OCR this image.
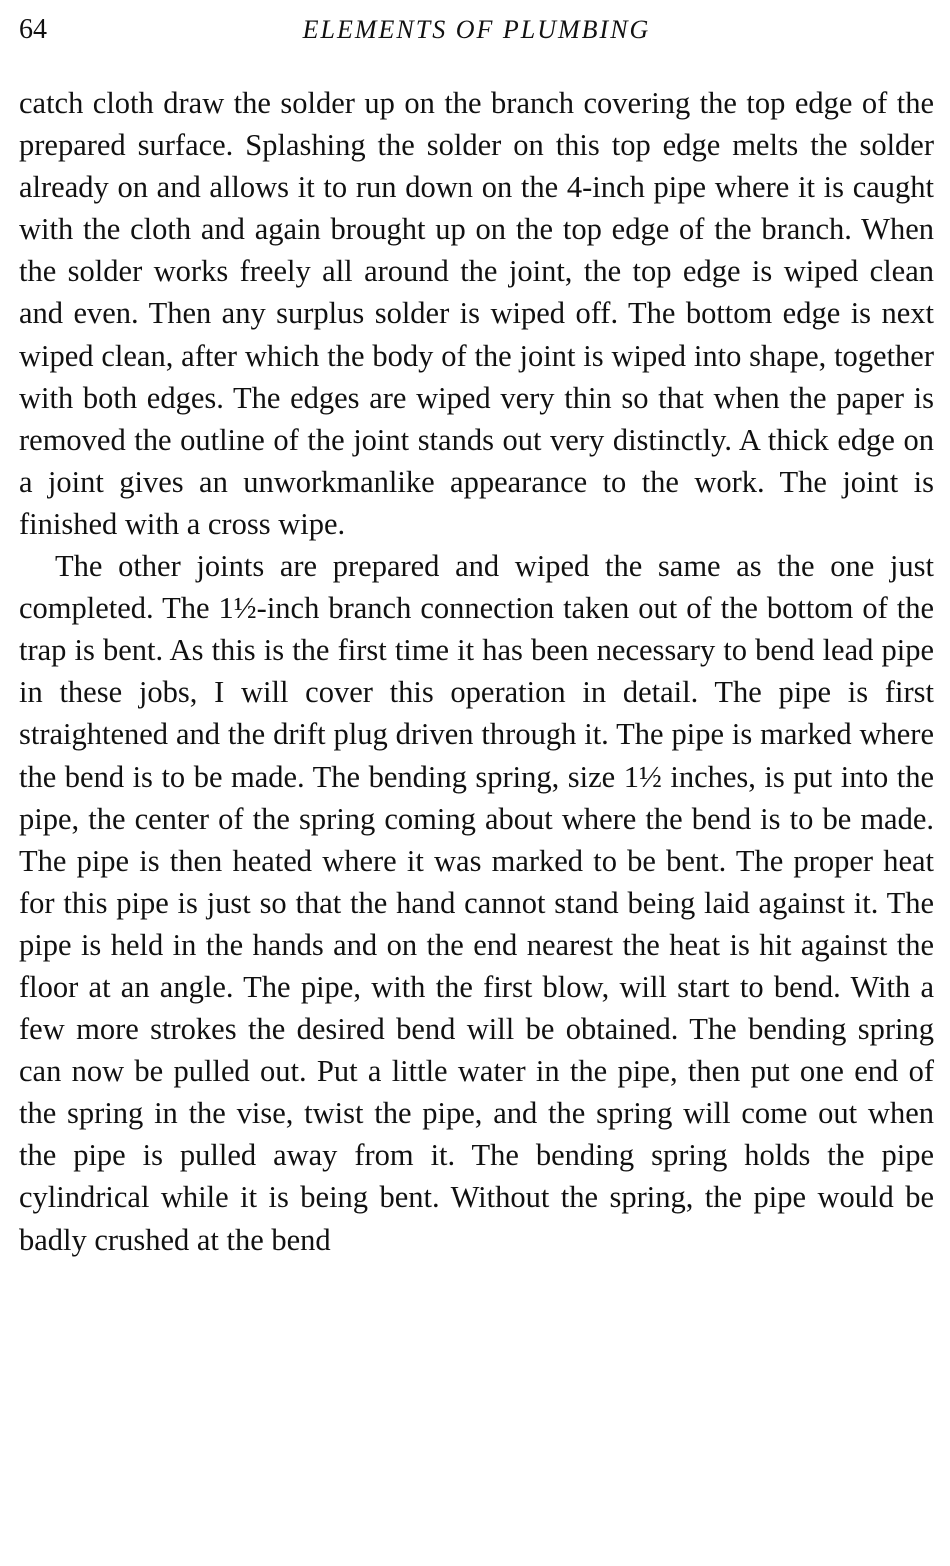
64	ELEMENTS OF PLUMBING

catch cloth draw the solder up on the branch covering the top edge of the prepared surface. Splashing the solder on this top edge melts the solder already on and allows it to run down on the 4-inch pipe where it is caught with the cloth and again brought up on the top edge of the branch. When the solder works freely all around the joint, the top edge is wiped clean and even. Then any surplus solder is wiped off. The bottom edge is next wiped clean, after which the body of the joint is wiped into shape, together with both edges. The edges are wiped very thin so that when the paper is removed the outline of the joint stands out very distinctly. A thick edge on a joint gives an unworkmanlike appearance to the work. The joint is finished with a cross wipe.

The other joints are prepared and wiped the same as the one just completed. The 1½-inch branch connection taken out of the bottom of the trap is bent. As this is the first time it has been necessary to bend lead pipe in these jobs, I will cover this operation in detail. The pipe is first straightened and the drift plug driven through it. The pipe is marked where the bend is to be made. The bending spring, size 1½ inches, is put into the pipe, the center of the spring coming about where the bend is to be made. The pipe is then heated where it was marked to be bent. The proper heat for this pipe is just so that the hand cannot stand being laid against it. The pipe is held in the hands and on the end nearest the heat is hit against the floor at an angle. The pipe, with the first blow, will start to bend. With a few more strokes the desired bend will be obtained. The bending spring can now be pulled out. Put a little water in the pipe, then put one end of the spring in the vise, twist the pipe, and the spring will come out when the pipe is pulled away from it. The bending spring holds the pipe cylindrical while it is being bent. Without the spring, the pipe would be badly crushed at the bend
